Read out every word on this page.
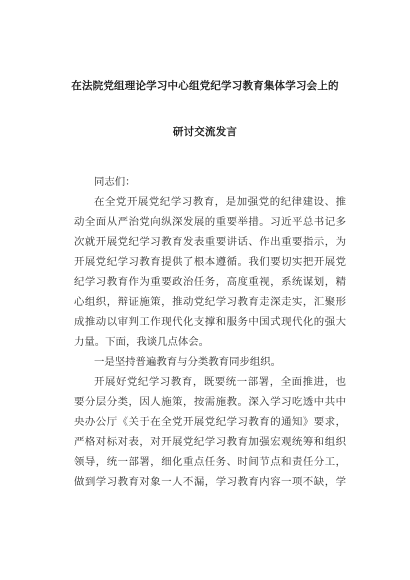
在法院党组理论学习中心组党纪学习教育集体学习会上的
研讨交流发言
同志们：
在全党开展党纪学习教育，是加强党的纪律建设、推
动全面从严治党向纵深发展的重要举措。习近平总书记多
次就开展党纪学习教育发表重要讲话、作出重要指示，为
开展党纪学习教育提供了根本遵循。我们要切实把开展党
纪学习教育作为重要政治任务，高度重视，系统谋划，精
心组织，辩证施策，推动党纪学习教育走深走实，汇聚形
成推动以审判工作现代化支撑和服务中国式现代化的强大
力量。下面，我谈几点体会。
一是坚持普遍教育与分类教育同步组织。
开展好党纪学习教育，既要统一部署，全面推进，也
要分层分类，因人施策，按需施教。深入学习吃透中共中
央办公厅《关于在全党开展党纪学习教育的通知》要求，
严格对标对表，对开展党纪学习教育加强宏观统筹和组织
领导，统一部署，细化重点任务、时间节点和责任分工，
做到学习教育对象一人不漏，学习教育内容一项不缺，学
